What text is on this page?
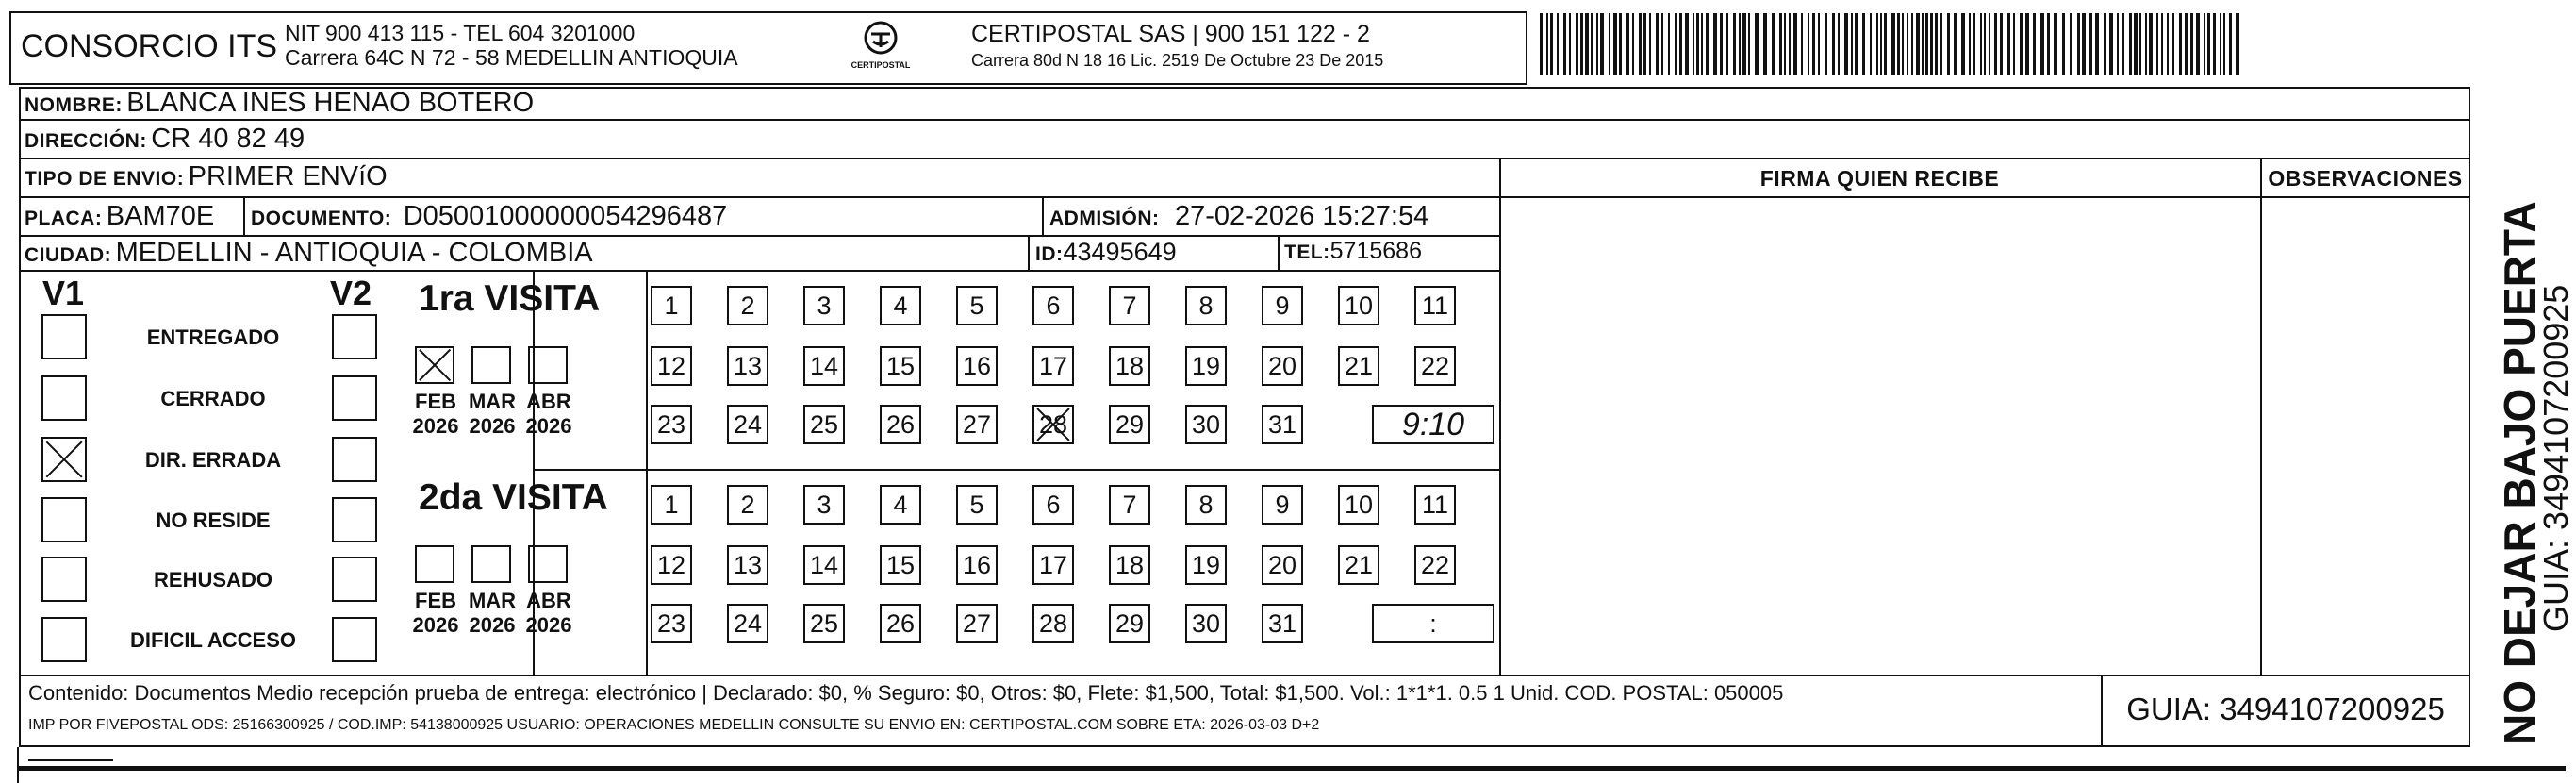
CONSORCIO ITS NIT 900 413 115 - TEL 604 3201000
Carrera 64C N 72 - 58 MEDELLIN ANTIOQUIA	CERTIPOSTAL
CERTIPOSTAL SAS | 900 151 122 - 2
Carrera 80d N 18 16 Lic. 2519 De Octubre 23 De 2015
NOMBRE: BLANCA INES HENAO BOTERO
DIRECCIÓN: CR 40 82 49
TIPO DE ENVIO: PRIMER ENVíO
PLACA: BAM70E DOCUMENTO: D05001000000054296487	ADMISIÓN: 27-02-2026 15:27:54
CIUDAD: MEDELLIN - ANTIOQUIA - COLOMBIA	ID:43495649	TEL:5715686
FIRMA QUIEN RECIBE	OBSERVACIONES
V1	V2
ENTREGADO
CERRADO
DIR. ERRADA
NO RESIDE
REHUSADO
DIFICIL ACCESO
1ra VISITA
FEB
2026
MAR
2026
ABR
2026
1	2	3	4	5	6	7	8	9	10 11
12 13 14 15 16 17 18 19 20 21 22
23 24 25 26 27 28 29 30 31	9:10
2da VISITA
FEB
2026
MAR
2026
ABR
2026
1	2	3	4	5	6	7	8	9	10 11
12 13 14 15 16 17 18 19 20 21 22
23 24 25 26 27 28 29 30 31	:
Contenido: Documentos Medio recepción prueba de entrega: electrónico | Declarado: $0, % Seguro: $0, Otros: $0, Flete: $1,500, Total: $1,500. Vol.: 1*1*1. 0.5 1 Unid. COD. POSTAL: 050005
IMP POR FIVEPOSTAL ODS: 25166300925 / COD.IMP: 54138000925 USUARIO: OPERACIONES MEDELLIN CONSULTE SU ENVIO EN: CERTIPOSTAL.COM SOBRE ETA: 2026-03-03 D+2	GUIA: 3494107200925	NO DEJAR BAJO PUERTA
GUIA: 3494107200925
